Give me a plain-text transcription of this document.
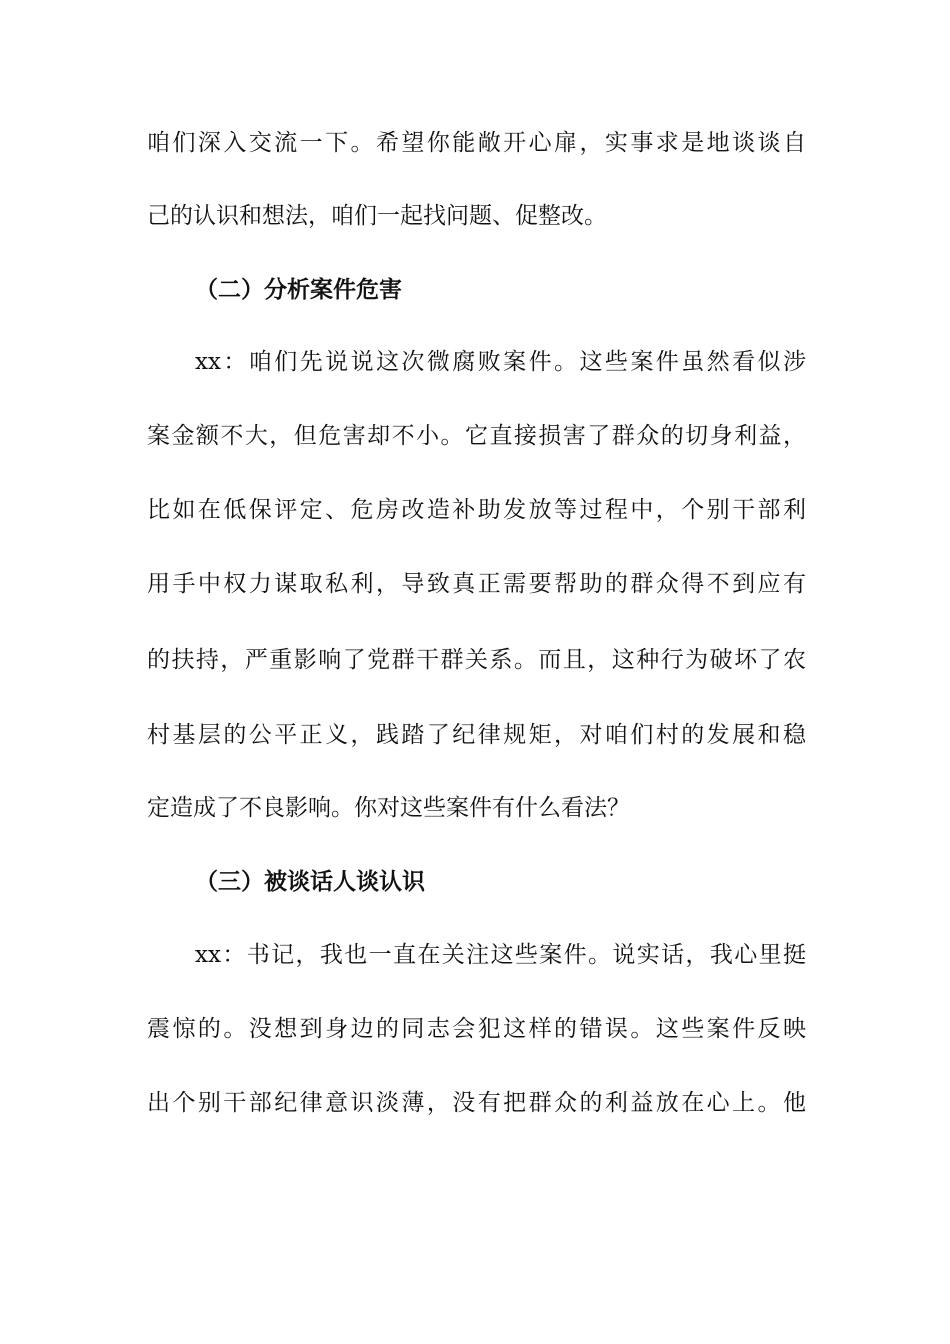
咱们深入交流一下。希望你能敞开心扉，实事求是地谈谈自
己的认识和想法，咱们一起找问题、促整改。
（二）分析案件危害
xx：咱们先说说这次微腐败案件。这些案件虽然看似涉
案金额不大，但危害却不小。它直接损害了群众的切身利益，
比如在低保评定、危房改造补助发放等过程中，个别干部利
用手中权力谋取私利，导致真正需要帮助的群众得不到应有
的扶持，严重影响了党群干群关系。而且，这种行为破坏了农
村基层的公平正义，践踏了纪律规矩，对咱们村的发展和稳
定造成了不良影响。你对这些案件有什么看法？
（三）被谈话人谈认识
xx：书记，我也一直在关注这些案件。说实话，我心里挺
震惊的。没想到身边的同志会犯这样的错误。这些案件反映
出个别干部纪律意识淡薄，没有把群众的利益放在心上。他
